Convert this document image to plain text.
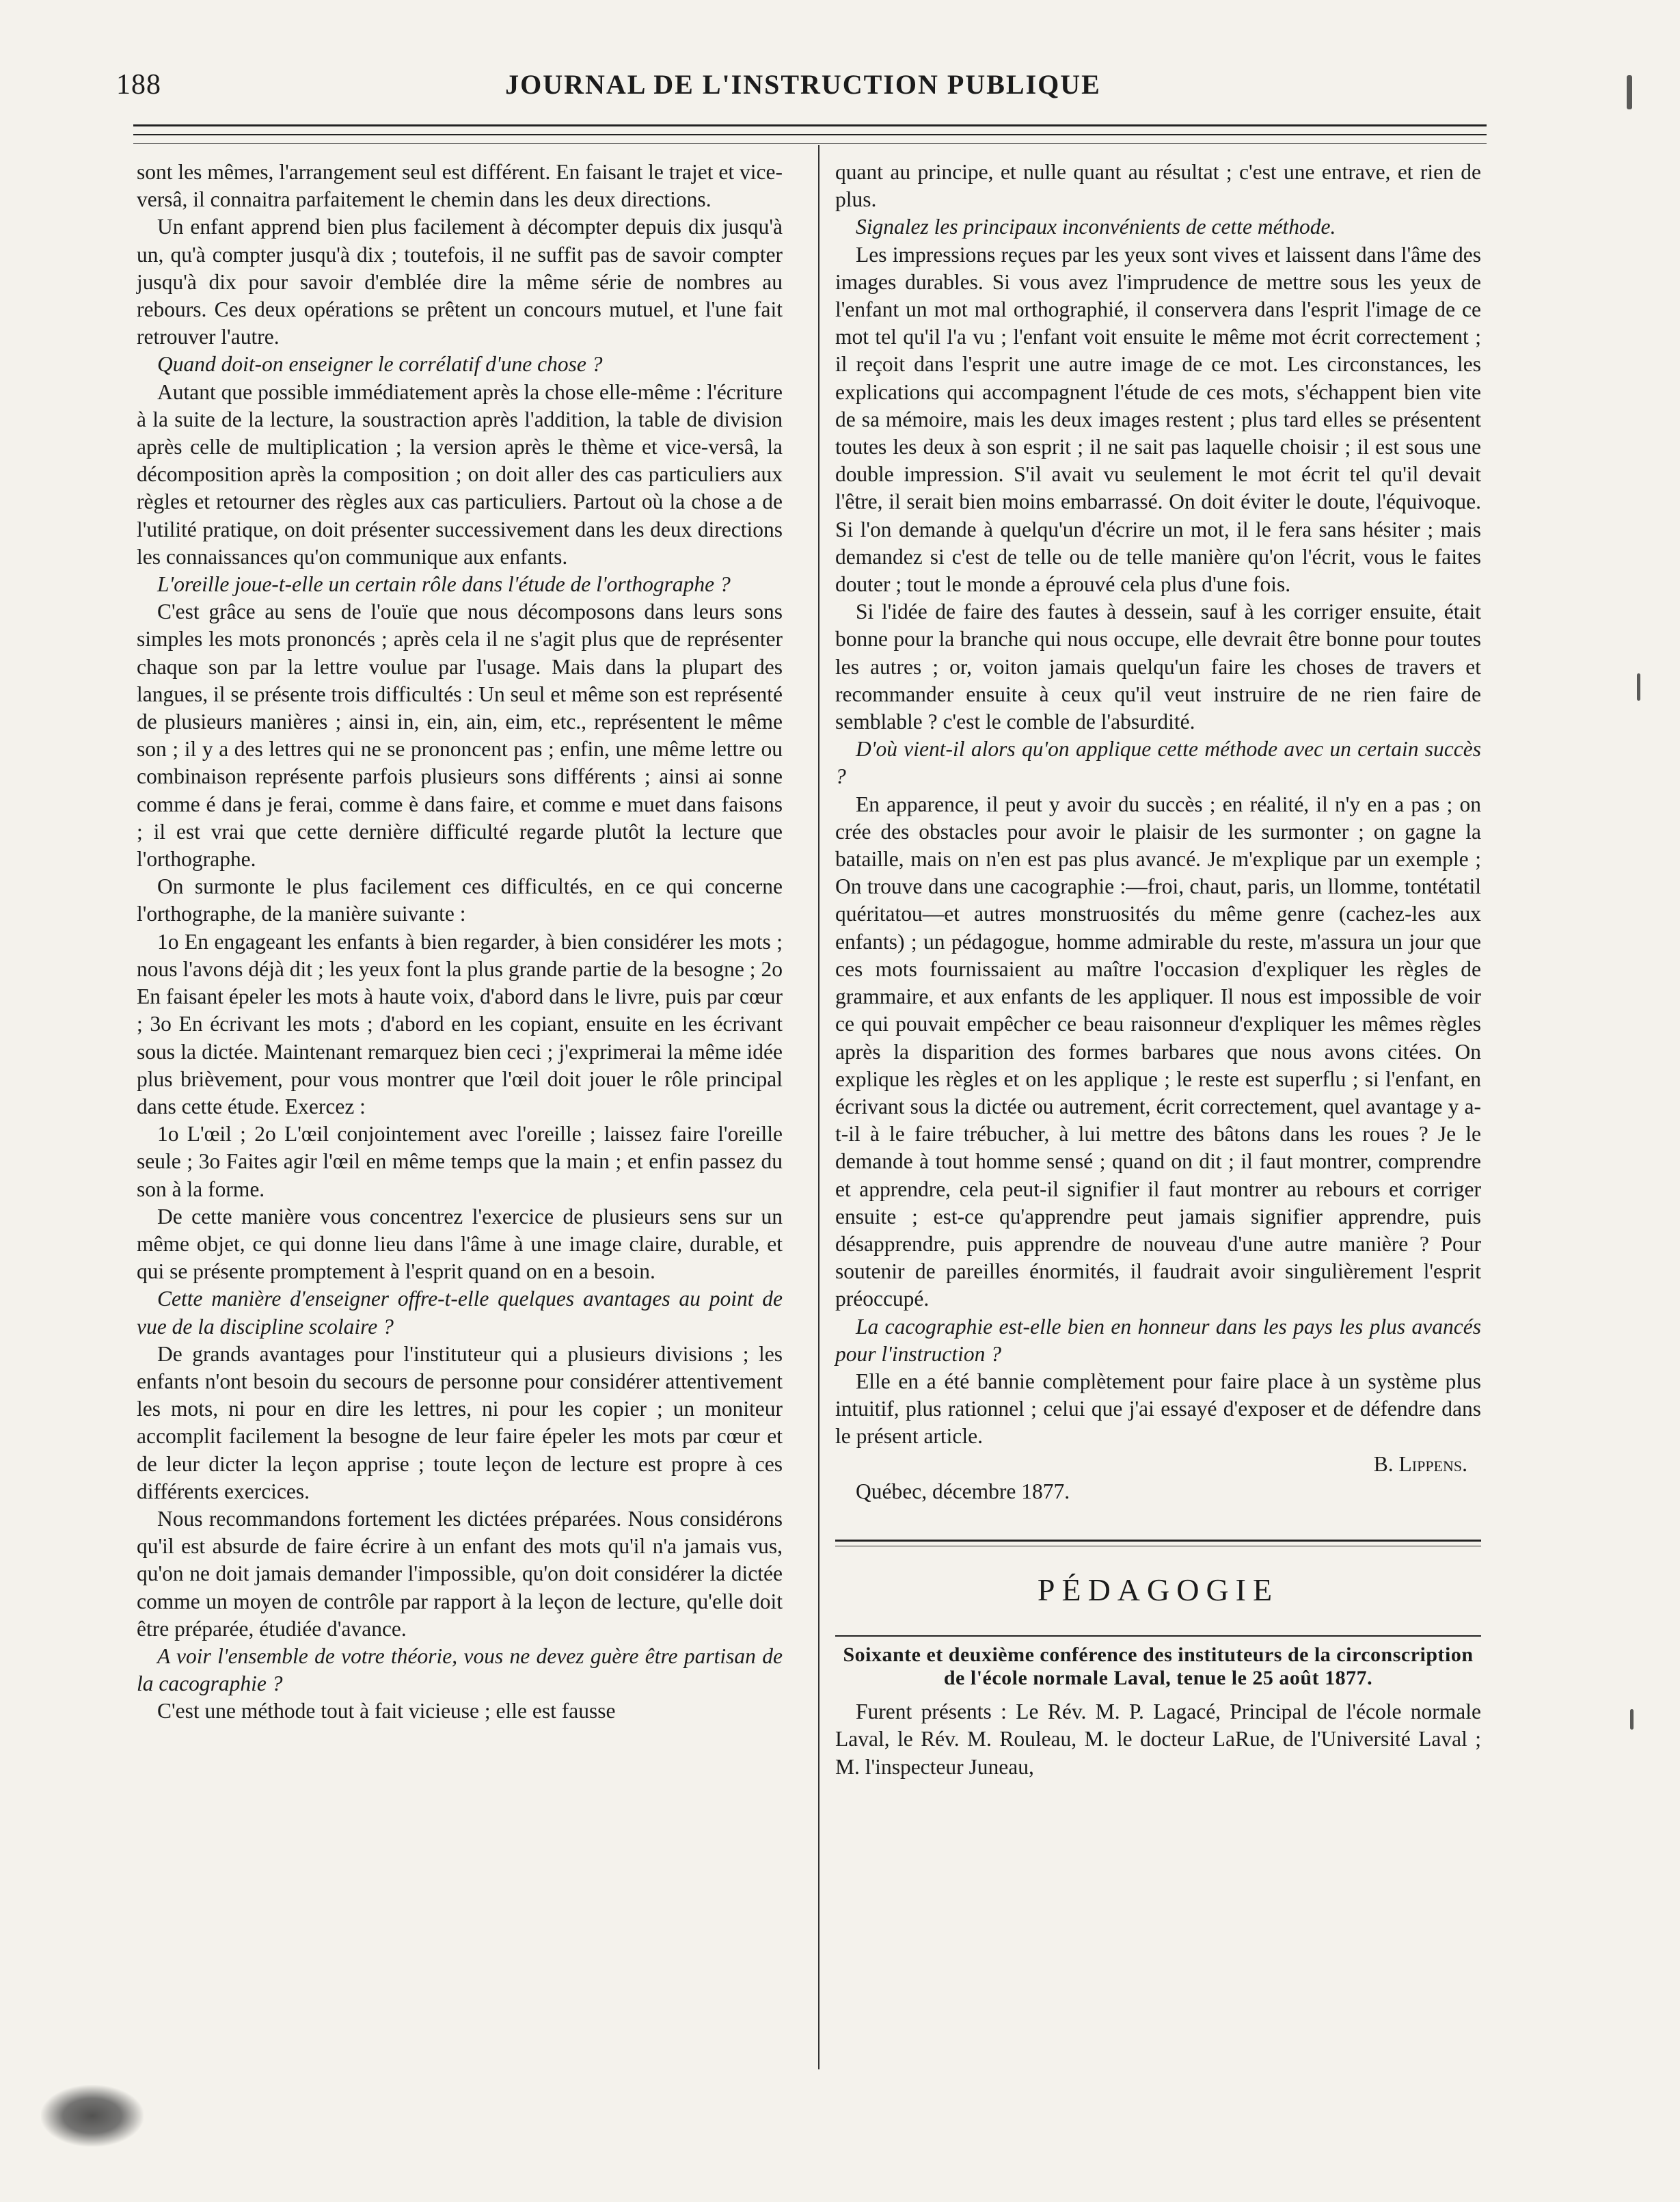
188	JOURNAL DE L'INSTRUCTION PUBLIQUE

sont les mêmes, l'arrangement seul est différent. En faisant le trajet et vice-versâ, il connaitra parfaitement le chemin dans les deux directions.

Un enfant apprend bien plus facilement à décompter depuis dix jusqu'à un, qu'à compter jusqu'à dix ; toutefois, il ne suffit pas de savoir compter jusqu'à dix pour savoir d'emblée dire la même série de nombres au rebours. Ces deux opérations se prêtent un concours mutuel, et l'une fait retrouver l'autre.

Quand doit-on enseigner le corrélatif d'une chose ?

Autant que possible immédiatement après la chose elle-même : l'écriture à la suite de la lecture, la soustraction après l'addition, la table de division après celle de multiplication ; la version après le thème et vice-versâ, la décomposition après la composition ; on doit aller des cas particuliers aux règles et retourner des règles aux cas particuliers. Partout où la chose a de l'utilité pratique, on doit présenter successivement dans les deux directions les connaissances qu'on communique aux enfants.

L'oreille joue-t-elle un certain rôle dans l'étude de l'orthographe ?

C'est grâce au sens de l'ouïe que nous décomposons dans leurs sons simples les mots prononcés ; après cela il ne s'agit plus que de représenter chaque son par la lettre voulue par l'usage. Mais dans la plupart des langues, il se présente trois difficultés : Un seul et même son est représenté de plusieurs manières ; ainsi in, ein, ain, eim, etc., représentent le même son ; il y a des lettres qui ne se prononcent pas ; enfin, une même lettre ou combinaison représente parfois plusieurs sons différents ; ainsi ai sonne comme é dans je ferai, comme è dans faire, et comme e muet dans faisons ; il est vrai que cette dernière difficulté regarde plutôt la lecture que l'orthographe.

On surmonte le plus facilement ces difficultés, en ce qui concerne l'orthographe, de la manière suivante :

1o En engageant les enfants à bien regarder, à bien considérer les mots ; nous l'avons déjà dit ; les yeux font la plus grande partie de la besogne ; 2o En faisant épeler les mots à haute voix, d'abord dans le livre, puis par cœur ; 3o En écrivant les mots ; d'abord en les copiant, ensuite en les écrivant sous la dictée. Maintenant remarquez bien ceci ; j'exprimerai la même idée plus brièvement, pour vous montrer que l'œil doit jouer le rôle principal dans cette étude. Exercez :

1o L'œil ; 2o L'œil conjointement avec l'oreille ; laissez faire l'oreille seule ; 3o Faites agir l'œil en même temps que la main ; et enfin passez du son à la forme.

De cette manière vous concentrez l'exercice de plusieurs sens sur un même objet, ce qui donne lieu dans l'âme à une image claire, durable, et qui se présente promptement à l'esprit quand on en a besoin.

Cette manière d'enseigner offre-t-elle quelques avantages au point de vue de la discipline scolaire ?

De grands avantages pour l'instituteur qui a plusieurs divisions ; les enfants n'ont besoin du secours de personne pour considérer attentivement les mots, ni pour en dire les lettres, ni pour les copier ; un moniteur accomplit facilement la besogne de leur faire épeler les mots par cœur et de leur dicter la leçon apprise ; toute leçon de lecture est propre à ces différents exercices.

Nous recommandons fortement les dictées préparées. Nous considérons qu'il est absurde de faire écrire à un enfant des mots qu'il n'a jamais vus, qu'on ne doit jamais demander l'impossible, qu'on doit considérer la dictée comme un moyen de contrôle par rapport à la leçon de lecture, qu'elle doit être préparée, étudiée d'avance.

A voir l'ensemble de votre théorie, vous ne devez guère être partisan de la cacographie ?

C'est une méthode tout à fait vicieuse ; elle est fausse

quant au principe, et nulle quant au résultat ; c'est une entrave, et rien de plus.

Signalez les principaux inconvénients de cette méthode.

Les impressions reçues par les yeux sont vives et laissent dans l'âme des images durables. Si vous avez l'imprudence de mettre sous les yeux de l'enfant un mot mal orthographié, il conservera dans l'esprit l'image de ce mot tel qu'il l'a vu ; l'enfant voit ensuite le même mot écrit correctement ; il reçoit dans l'esprit une autre image de ce mot. Les circonstances, les explications qui accompagnent l'étude de ces mots, s'échappent bien vite de sa mémoire, mais les deux images restent ; plus tard elles se présentent toutes les deux à son esprit ; il ne sait pas laquelle choisir ; il est sous une double impression. S'il avait vu seulement le mot écrit tel qu'il devait l'être, il serait bien moins embarrassé. On doit éviter le doute, l'équivoque. Si l'on demande à quelqu'un d'écrire un mot, il le fera sans hésiter ; mais demandez si c'est de telle ou de telle manière qu'on l'écrit, vous le faites douter ; tout le monde a éprouvé cela plus d'une fois.

Si l'idée de faire des fautes à dessein, sauf à les corriger ensuite, était bonne pour la branche qui nous occupe, elle devrait être bonne pour toutes les autres ; or, voiton jamais quelqu'un faire les choses de travers et recommander ensuite à ceux qu'il veut instruire de ne rien faire de semblable ? c'est le comble de l'absurdité.

D'où vient-il alors qu'on applique cette méthode avec un certain succès ?

En apparence, il peut y avoir du succès ; en réalité, il n'y en a pas ; on crée des obstacles pour avoir le plaisir de les surmonter ; on gagne la bataille, mais on n'en est pas plus avancé. Je m'explique par un exemple ; On trouve dans une cacographie :—froi, chaut, paris, un llomme, tontétatil quéritatou—et autres monstruosités du même genre (cachez-les aux enfants) ; un pédagogue, homme admirable du reste, m'assura un jour que ces mots fournissaient au maître l'occasion d'expliquer les règles de grammaire, et aux enfants de les appliquer. Il nous est impossible de voir ce qui pouvait empêcher ce beau raisonneur d'expliquer les mêmes règles après la disparition des formes barbares que nous avons citées. On explique les règles et on les applique ; le reste est superflu ; si l'enfant, en écrivant sous la dictée ou autrement, écrit correctement, quel avantage y a-t-il à le faire trébucher, à lui mettre des bâtons dans les roues ? Je le demande à tout homme sensé ; quand on dit ; il faut montrer, comprendre et apprendre, cela peut-il signifier il faut montrer au rebours et corriger ensuite ; est-ce qu'apprendre peut jamais signifier apprendre, puis désapprendre, puis apprendre de nouveau d'une autre manière ? Pour soutenir de pareilles énormités, il faudrait avoir singulièrement l'esprit préoccupé.

La cacographie est-elle bien en honneur dans les pays les plus avancés pour l'instruction ?

Elle en a été bannie complètement pour faire place à un système plus intuitif, plus rationnel ; celui que j'ai essayé d'exposer et de défendre dans le présent article.

B. Lippens.

Québec, décembre 1877.

PÉDAGOGIE
Soixante et deuxième conférence des instituteurs de la circonscription de l'école normale Laval, tenue le 25 août 1877.

Furent présents : Le Rév. M. P. Lagacé, Principal de l'école normale Laval, le Rév. M. Rouleau, M. le docteur LaRue, de l'Université Laval ; M. l'inspecteur Juneau,
